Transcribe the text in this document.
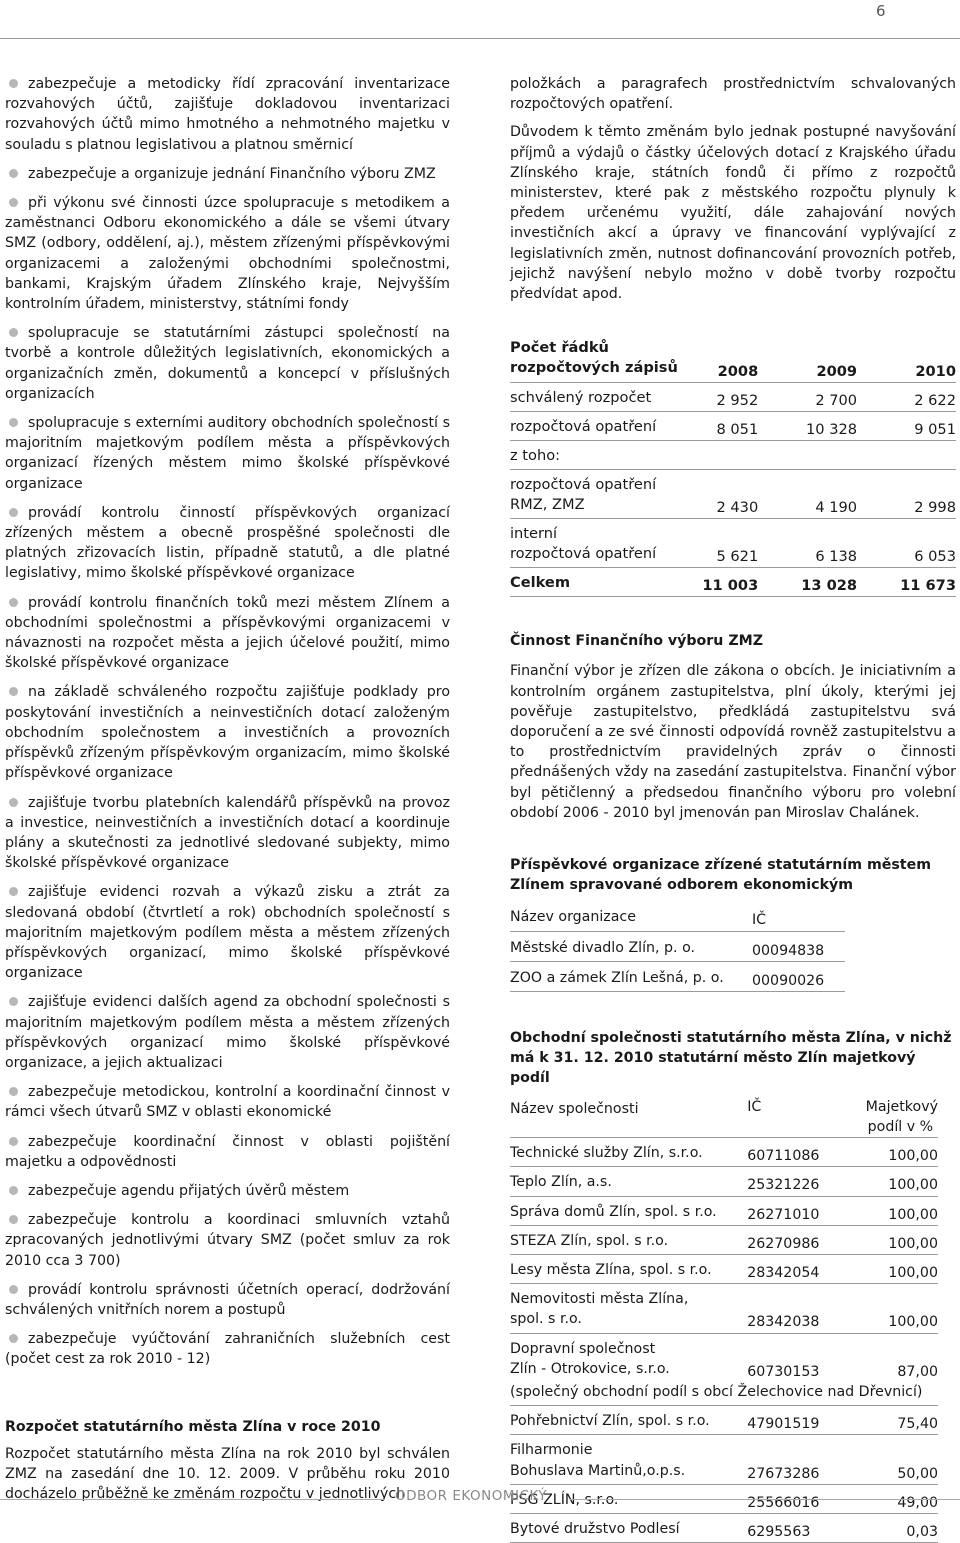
6
zabezpečuje a metodicky řídí zpracování inventarizace rozvahových účtů, zajišťuje dokladovou inventarizaci rozvahových účtů mimo hmotného a nehmotného majetku v souladu s platnou legislativou a platnou směrnicí
zabezpečuje a organizuje jednání Finančního výboru ZMZ
při výkonu své činnosti úzce spolupracuje s metodikem a zaměstnanci Odboru ekonomického a dále se všemi útvary SMZ (odbory, oddělení, aj.), městem zřízenými příspěvkovými organizacemi a založenými obchodními společnostmi, bankami, Krajským úřadem Zlínského kraje, Nejvyšším kontrolním úřadem, ministerstvy, státními fondy
spolupracuje se statutárními zástupci společností na tvorbě a kontrole důležitých legislativních, ekonomických a organizačních změn, dokumentů a koncepcí v příslušných organizacích
spolupracuje s externími auditory obchodních společností s majoritním majetkovým podílem města a příspěvkových organizací řízených městem mimo školské příspěvkové organizace
provádí kontrolu činností příspěvkových organizací zřízených městem a obecně prospěšné společnosti dle platných zřizovacích listin, případně statutů, a dle platné legislativy, mimo školské příspěvkové organizace
provádí kontrolu finančních toků mezi městem Zlínem a obchodními společnostmi a příspěvkovými organizacemi v návaznosti na rozpočet města a jejich účelové použití, mimo školské příspěvkové organizace
na základě schváleného rozpočtu zajišťuje podklady pro poskytování investičních a neinvestičních dotací založeným obchodním společnostem a investičních a provozních příspěvků zřízeným příspěvkovým organizacím, mimo školské příspěvkové organizace
zajišťuje tvorbu platebních kalendářů příspěvků na provoz a investice, neinvestičních a investičních dotací a koordinuje plány a skutečnosti za jednotlivé sledované subjekty, mimo školské příspěvkové organizace
zajišťuje evidenci rozvah a výkazů zisku a ztrát za sledovaná období (čtvrtletí a rok) obchodních společností s majoritním majetkovým podílem města a městem zřízených příspěvkových organizací, mimo školské příspěvkové organizace
zajišťuje evidenci dalších agend za obchodní společnosti s majoritním majetkovým podílem města a městem zřízených příspěvkových organizací mimo školské příspěvkové organizace, a jejich aktualizaci
zabezpečuje metodickou, kontrolní a koordinační činnost v rámci všech útvarů SMZ v oblasti ekonomické
zabezpečuje koordinační činnost v oblasti pojištění majetku a odpovědnosti
zabezpečuje agendu přijatých úvěrů městem
zabezpečuje kontrolu a koordinaci smluvních vztahů zpracovaných jednotlivými útvary SMZ (počet smluv za rok 2010 cca 3 700)
provádí kontrolu správnosti účetních operací, dodržování schválených vnitřních norem a postupů
zabezpečuje vyúčtování zahraničních služebních cest (počet cest za rok 2010 - 12)
Rozpočet statutárního města Zlína v roce 2010

Rozpočet statutárního města Zlína na rok 2010 byl schválen ZMZ na zasedání dne 10. 12. 2009. V průběhu roku 2010 docházelo průběžně ke změnám rozpočtu v jednotlivých

položkách a paragrafech prostřednictvím schvalovaných rozpočtových opatření.

Důvodem k těmto změnám bylo jednak postupné navyšování příjmů a výdajů o částky účelových dotací z Krajského úřadu Zlínského kraje, státních fondů či přímo z rozpočtů ministerstev, které pak z městského rozpočtu plynuly k předem určenému využití, dále zahajování nových investičních akcí a úpravy ve financování vyplývající z legislativních změn, nutnost dofinancování provozních potřeb, jejichž navýšení nebylo možno v době tvorby rozpočtu předvídat apod.

Počet řádků			
rozpočtových zápisů	2008	2009	2010
schválený rozpočet	2 952	2 700	2 622
rozpočtová opatření	8 051	10 328	9 051
z toho:			
rozpočtová opatření
RMZ, ZMZ	2 430	4 190	2 998
interní
rozpočtová opatření	5 621	6 138	6 053
Celkem	11 003	13 028	11 673
Činnost Finančního výboru ZMZ

Finanční výbor je zřízen dle zákona o obcích. Je iniciativním a kontrolním orgánem zastupitelstva, plní úkoly, kterými jej pověřuje zastupitelstvo, předkládá zastupitelstvu svá doporučení a ze své činnosti odpovídá rovněž zastupitelstvu a to prostřednictvím pravidelných zpráv o činnosti přednášených vždy na zasedání zastupitelstva. Finanční výbor byl pětičlenný a předsedou finančního výboru pro volební období 2006 - 2010 byl jmenován pan Miroslav Chalánek.

Příspěvkové organizace zřízené statutárním městem Zlínem spravované odborem ekonomickým
Název organizace	IČ
Městské divadlo Zlín, p. o.	00094838
ZOO a zámek Zlín Lešná, p. o.	00090026
Obchodní společnosti statutárního města Zlína, v nichž má k 31. 12. 2010 statutární město Zlín majetkový podíl
Název společnosti	IČ	Majetkový
podíl v %
Technické služby Zlín, s.r.o.	60711086	100,00
Teplo Zlín, a.s.	25321226	100,00
Správa domů Zlín, spol. s r.o.	26271010	100,00
STEZA Zlín, spol. s r.o.	26270986	100,00
Lesy města Zlína, spol. s r.o.	28342054	100,00
Nemovitosti města Zlína,
spol. s r.o.	28342038	100,00
Dopravní společnost
Zlín - Otrokovice, s.r.o.	60730153	87,00
(společný obchodní podíl s obcí Želechovice nad Dřevnicí)		
Pohřebnictví Zlín, spol. s r.o.	47901519	75,40
Filharmonie
Bohuslava Martinů,o.p.s.	27673286	50,00
PSG ZLÍN, s.r.o.	25566016	49,00
Bytové družstvo Podlesí	6295563	0,03
ODBOR EKONOMICKÝ
